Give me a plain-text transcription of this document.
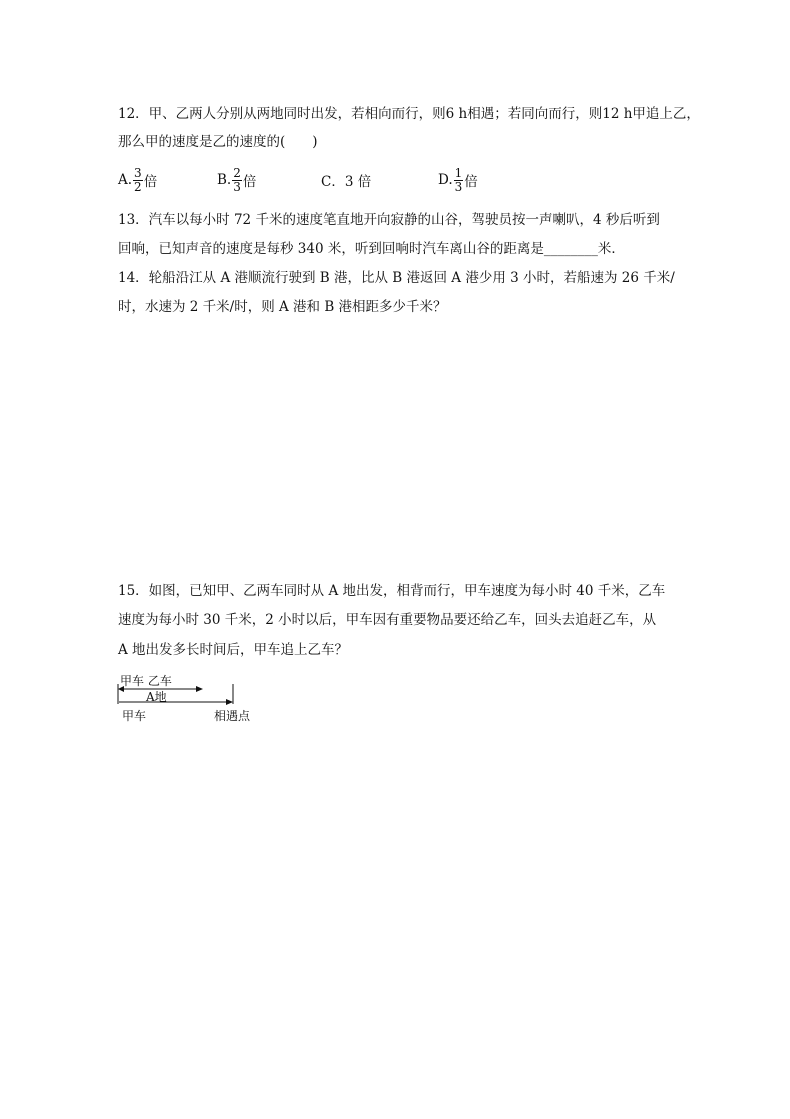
12．甲、乙两人分别从两地同时出发，若相向而行，则6 h相遇；若同向而行，则12 h甲追上乙，
那么甲的速度是乙的速度的(　　)
A. $\frac{3}{2}$ 倍	B. $\frac{2}{3}$ 倍	C． 3 倍	D. $\frac{1}{3}$ 倍
13．汽车以每小时 72 千米的速度笔直地开向寂静的山谷，驾驶员按一声喇叭，4 秒后听到
回响，已知声音的速度是每秒 340 米，听到回响时汽车离山谷的距离是________米．
14．轮船沿江从 A 港顺流行驶到 B 港，比从 B 港返回 A 港少用 3 小时，若船速为 26 千米/
时，水速为 2 千米/时，则 A 港和 B 港相距多少千米？
15．如图，已知甲、乙两车同时从 A 地出发，相背而行，甲车速度为每小时 40 千米，乙车
速度为每小时 30 千米，2 小时以后，甲车因有重要物品要还给乙车，回头去追赶乙车，从
A 地出发多长时间后，甲车追上乙车？
甲车 乙车
A地
甲车	相遇点
